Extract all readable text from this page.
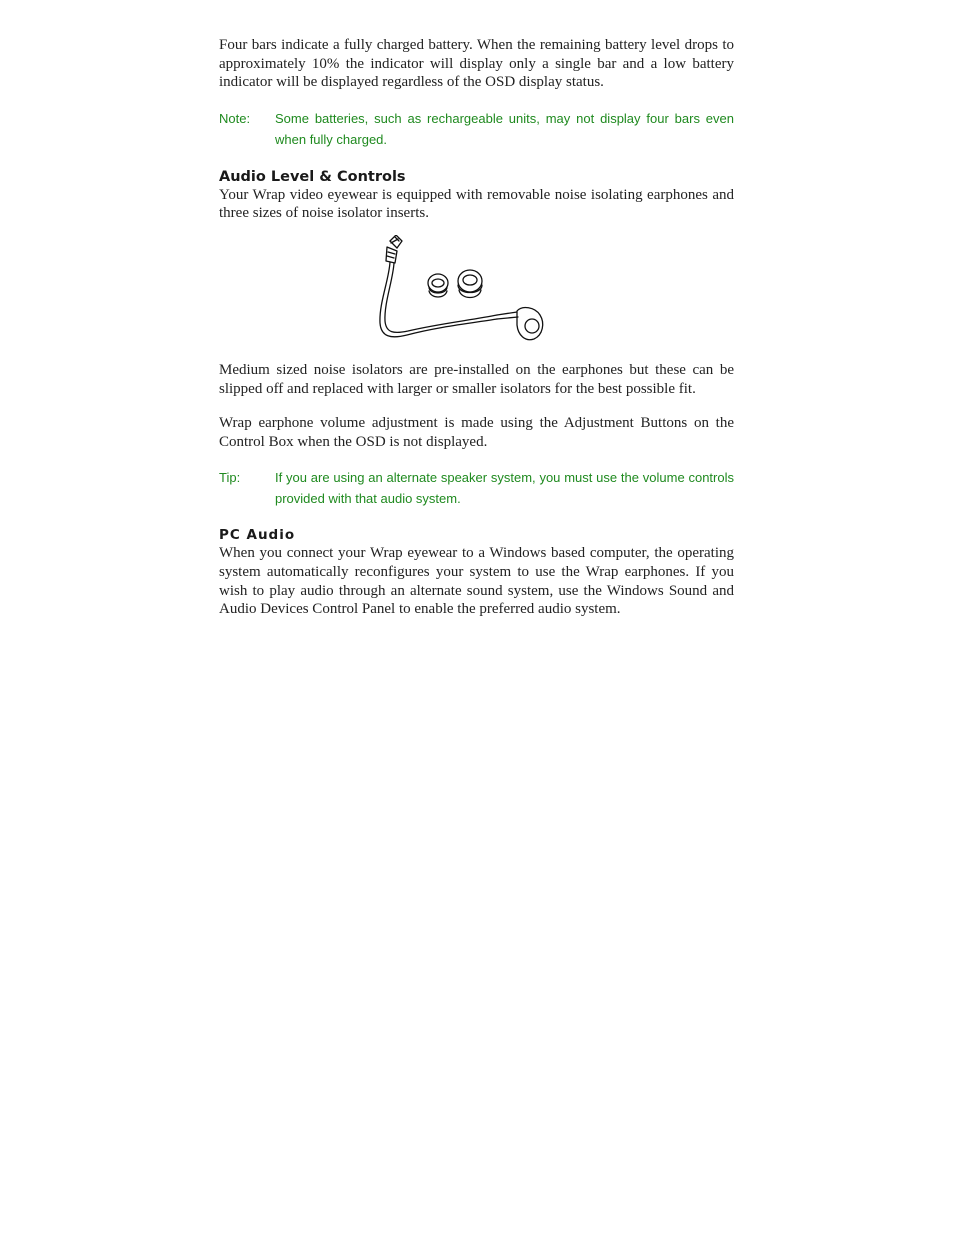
Four bars indicate a fully charged battery. When the remaining battery level drops to approximately 10% the indicator will display only a single bar and a low battery indicator will be displayed regardless of the OSD display status.

Note:	Some batteries, such as rechargeable units, may not display four bars even when fully charged.
Audio Level & Controls

Your Wrap video eyewear is equipped with removable noise isolating earphones and three sizes of noise isolator inserts.

Medium sized noise isolators are pre-installed on the earphones but these can be slipped off and replaced with larger or smaller isolators for the best possible fit.

Wrap earphone volume adjustment is made using the Adjustment Buttons on the Control Box when the OSD is not displayed.

Tip:	If you are using an alternate speaker system, you must use the volume controls provided with that audio system.
PC Audio

When you connect your Wrap eyewear to a Windows based computer, the operating system automatically reconfigures your system to use the Wrap earphones. If you wish to play audio through an alternate sound system, use the Windows Sound and Audio Devices Control Panel to enable the preferred audio system.
